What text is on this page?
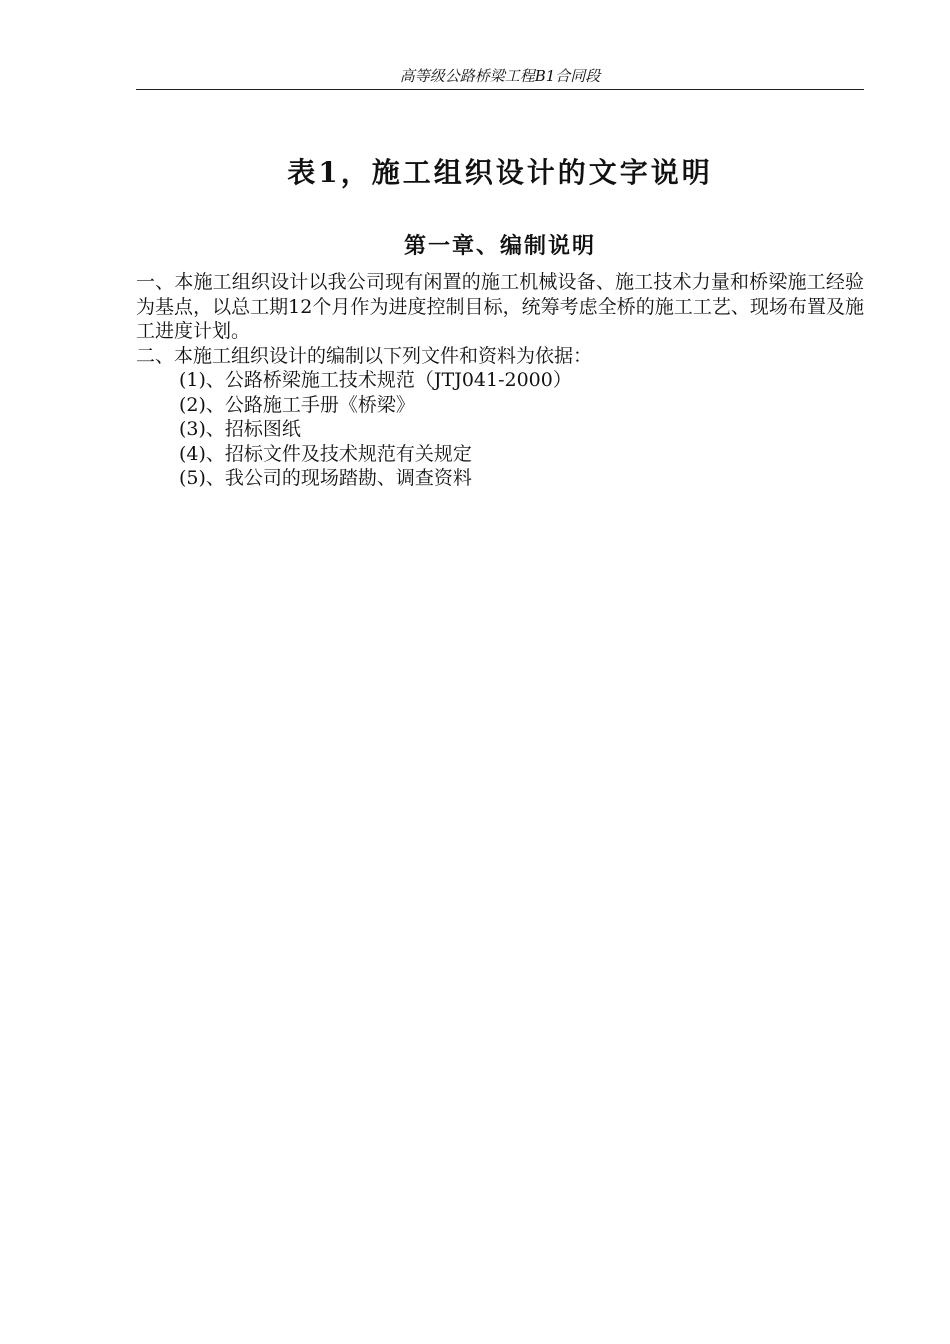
高等级公路桥梁工程B1合同段
表1，施工组织设计的文字说明
第一章、编制说明

一、本施工组织设计以我公司现有闲置的施工机械设备、施工技术力量和桥梁施工经验为基点，以总工期12个月作为进度控制目标，统筹考虑全桥的施工工艺、现场布置及施工进度计划。

二、本施工组织设计的编制以下列文件和资料为依据：

(1)、公路桥梁施工技术规范（JTJ041-2000）
(2)、公路施工手册《桥梁》
(3)、招标图纸
(4)、招标文件及技术规范有关规定
(5)、我公司的现场踏勘、调查资料
